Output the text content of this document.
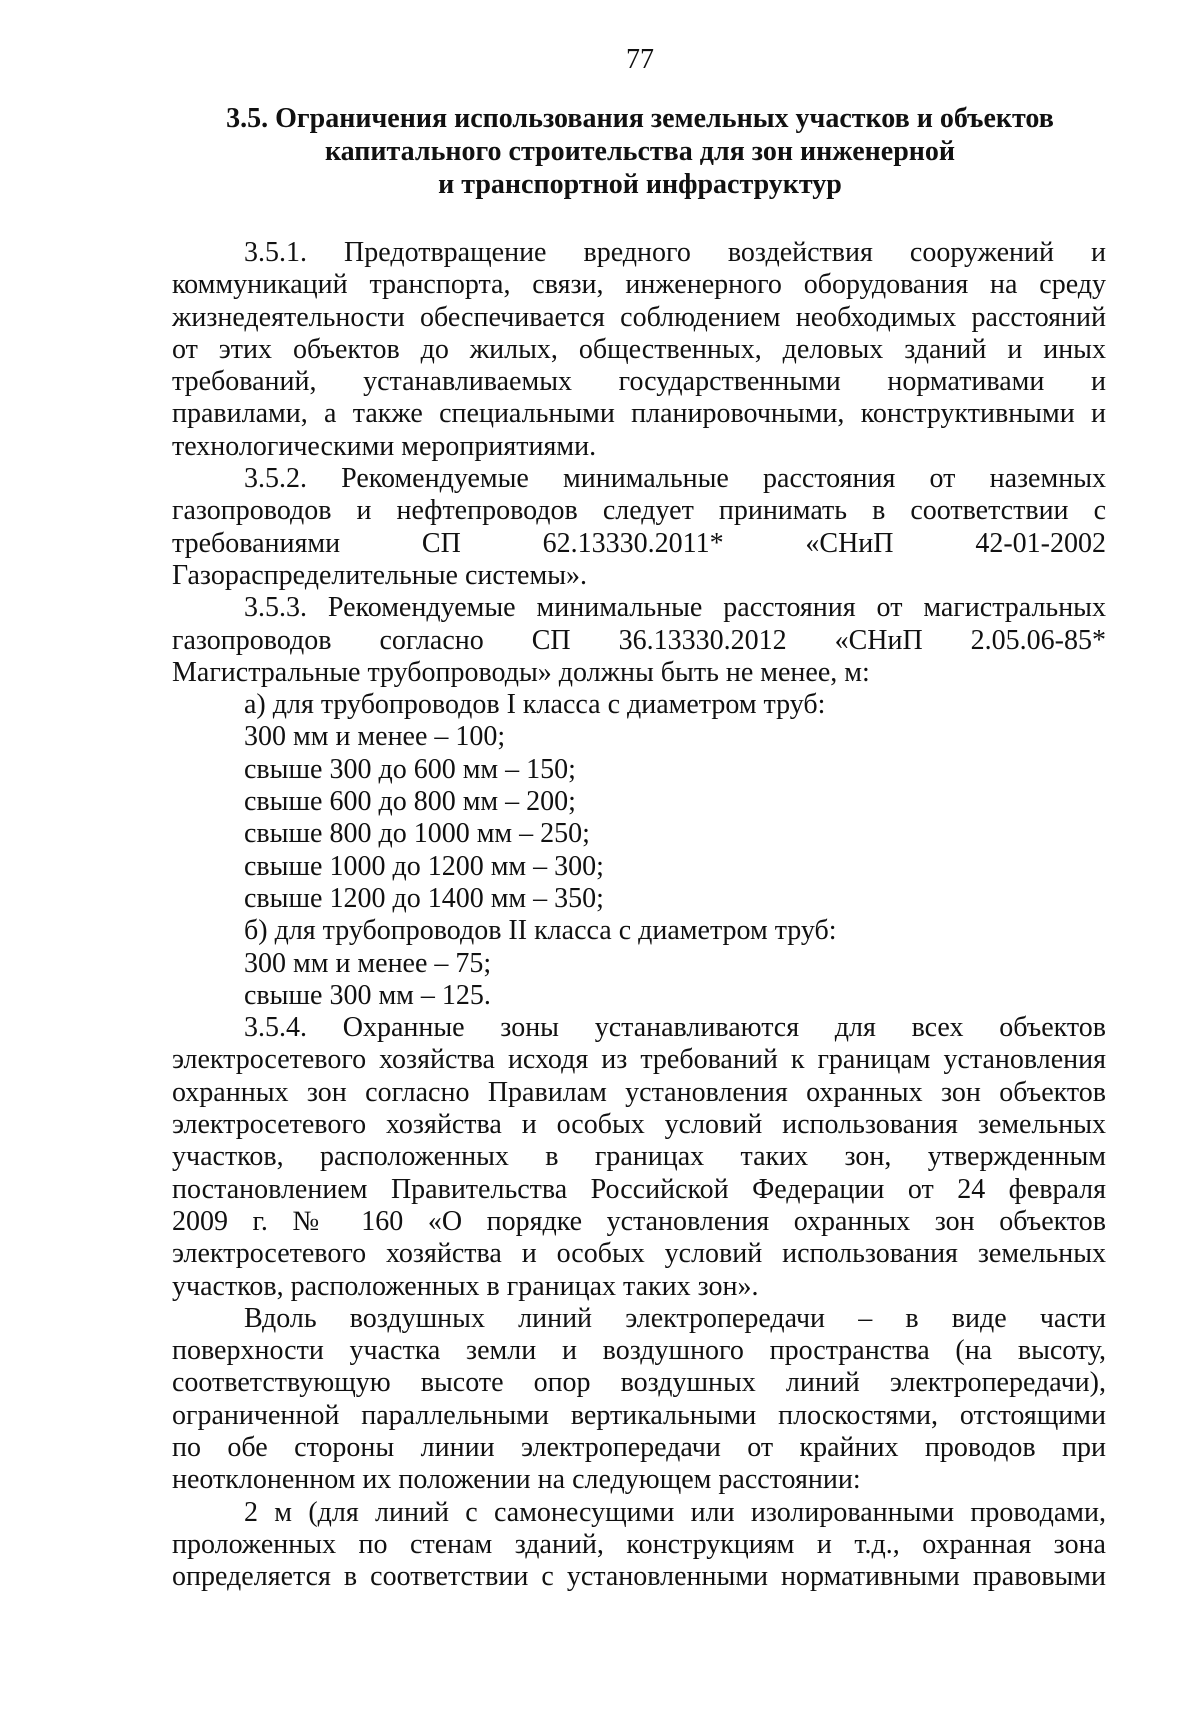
77
3.5. Ограничения использования земельных участков и объектов
капитального строительства для зон инженерной
и транспортной инфраструктур
3.5.1. Предотвращение вредного воздействия сооружений и
коммуникаций транспорта, связи, инженерного оборудования на среду
жизнедеятельности обеспечивается соблюдением необходимых расстояний
от этих объектов до жилых, общественных, деловых зданий и иных
требований, устанавливаемых государственными нормативами и
правилами, а также специальными планировочными, конструктивными и
технологическими мероприятиями.
3.5.2. Рекомендуемые минимальные расстояния от наземных
газопроводов и нефтепроводов следует принимать в соответствии с
требованиями СП 62.13330.2011* «СНиП 42-01-2002
Газораспределительные системы».
3.5.3. Рекомендуемые минимальные расстояния от магистральных
газопроводов согласно СП 36.13330.2012 «СНиП 2.05.06-85*
Магистральные трубопроводы» должны быть не менее, м:
а) для трубопроводов I класса с диаметром труб:
300 мм и менее – 100;
свыше 300 до 600 мм – 150;
свыше 600 до 800 мм – 200;
свыше 800 до 1000 мм – 250;
свыше 1000 до 1200 мм – 300;
свыше 1200 до 1400 мм – 350;
б) для трубопроводов II класса с диаметром труб:
300 мм и менее – 75;
свыше 300 мм – 125.
3.5.4. Охранные зоны устанавливаются для всех объектов
электросетевого хозяйства исходя из требований к границам установления
охранных зон согласно Правилам установления охранных зон объектов
электросетевого хозяйства и особых условий использования земельных
участков, расположенных в границах таких зон, утвержденным
постановлением Правительства Российской Федерации от 24 февраля
2009 г. № 160 «О порядке установления охранных зон объектов
электросетевого хозяйства и особых условий использования земельных
участков, расположенных в границах таких зон».
Вдоль воздушных линий электропередачи – в виде части
поверхности участка земли и воздушного пространства (на высоту,
соответствующую высоте опор воздушных линий электропередачи),
ограниченной параллельными вертикальными плоскостями, отстоящими
по обе стороны линии электропередачи от крайних проводов при
неотклоненном их положении на следующем расстоянии:
2 м (для линий с самонесущими или изолированными проводами,
проложенных по стенам зданий, конструкциям и т.д., охранная зона
определяется в соответствии с установленными нормативными правовыми
